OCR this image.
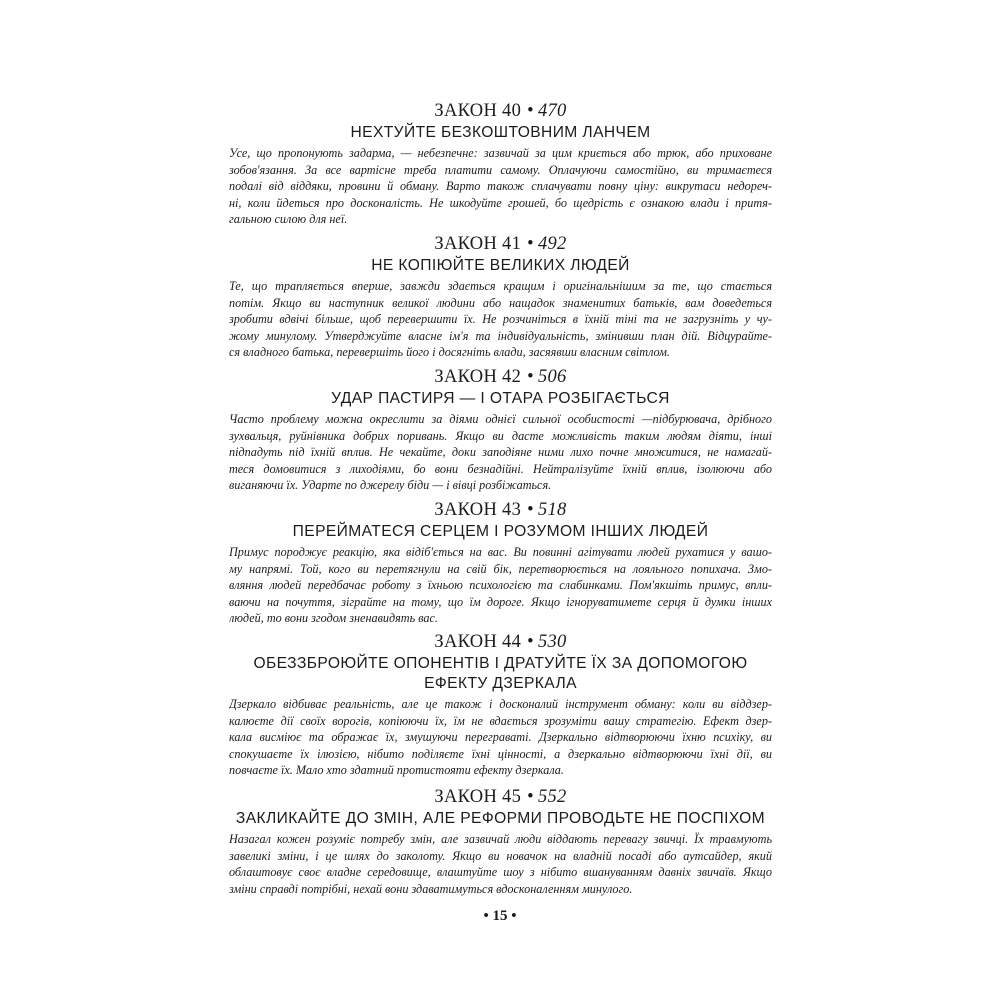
ЗАКОН 40 • 470

НЕХТУЙТЕ БЕЗКОШТОВНИМ ЛАНЧЕМ

Усе, що пропонують задарма, — небезпечне: зазвичай за цим криється або трюк, або приховане
зобов'язання. За все вартісне треба платити самому. Оплачуючи самостійно, ви тримаєтеся
подалі від віддяки, провини й обману. Варто також сплачувати повну ціну: викрутаси недореч-
ні, коли йдеться про досконалість. Не шкодуйте грошей, бо щедрість є ознакою влади і притя-
гальною силою для неї.

ЗАКОН 41 • 492

НЕ КОПІЮЙТЕ ВЕЛИКИХ ЛЮДЕЙ

Те, що трапляється вперше, завжди здається кращим і оригінальнішим за те, що стається
потім. Якщо ви наступник великої людини або нащадок знаменитих батьків, вам доведеться
зробити вдвічі більше, щоб перевершити їх. Не розчиніться в їхній тіні та не загрузніть у чу-
жому минулому. Утверджуйте власне ім'я та індивідуальність, змінивши план дій. Відцурайте-
ся владного батька, перевершіть його і досягніть влади, засяявши власним світлом.

ЗАКОН 42 • 506

УДАР ПАСТИРЯ — І ОТАРА РОЗБІГАЄТЬСЯ

Часто проблему можна окреслити за діями однієї сильної особистості —підбурювача, дрібного
зухвальця, руйнівника добрих поривань. Якщо ви дасте можливість таким людям діяти, інші
підпадуть під їхній вплив. Не чекайте, доки заподіяне ними лихо почне множитися, не намагай-
теся домовитися з лиходіями, бо вони безнадійні. Нейтралізуйте їхній вплив, ізолюючи або
виганяючи їх. Ударте по джерелу біди — і вівці розбіжаться.

ЗАКОН 43 • 518

ПЕРЕЙМАТЕСЯ СЕРЦЕМ І РОЗУМОМ ІНШИХ ЛЮДЕЙ

Примус породжує реакцію, яка відіб'ється на вас. Ви повинні агітувати людей рухатися у вашо-
му напрямі. Той, кого ви перетягнули на свій бік, перетворюється на лояльного попихача. Змо-
вляння людей передбачає роботу з їхньою психологією та слабинками. Пом'якшіть примус, впли-
ваючи на почуття, зіграйте на тому, що їм дороге. Якщо ігноруватимете серця й думки інших
людей, то вони згодом зненавидять вас.

ЗАКОН 44 • 530

ОБЕЗЗБРОЮЙТЕ ОПОНЕНТІВ І ДРАТУЙТЕ ЇХ ЗА ДОПОМОГОЮ
ЕФЕКТУ ДЗЕРКАЛА

Дзеркало відбиває реальність, але це також і досконалий інструмент обману: коли ви віддзер-
калюєте дії своїх ворогів, копіюючи їх, їм не вдається зрозуміти вашу стратегію. Ефект дзер-
кала висміює та ображає їх, змушуючи переграватi. Дзеркально відтворюючи їхню психіку, ви
спокушаєте їх ілюзією, нібито поділяєте їхні цінності, а дзеркально відтворюючи їхні дії, ви
повчаєте їх. Мало хто здатний протистояти ефекту дзеркала.

ЗАКОН 45 • 552

ЗАКЛИКАЙТЕ ДО ЗМІН, АЛЕ РЕФОРМИ ПРОВОДЬТЕ НЕ ПОСПІХОМ

Назагал кожен розуміє потребу змін, але зазвичай люди віддають перевагу звичці. Їх травмують
завеликі зміни, і це шлях до заколоту. Якщо ви новачок на владній посаді або аутсайдер, який
облаштовує своє владне середовище, влаштуйте шоу з нібито вшануванням давніх звичаїв. Якщо
зміни справді потрібні, нехай вони здаватимуться вдосконаленням минулого.
• 15 •
